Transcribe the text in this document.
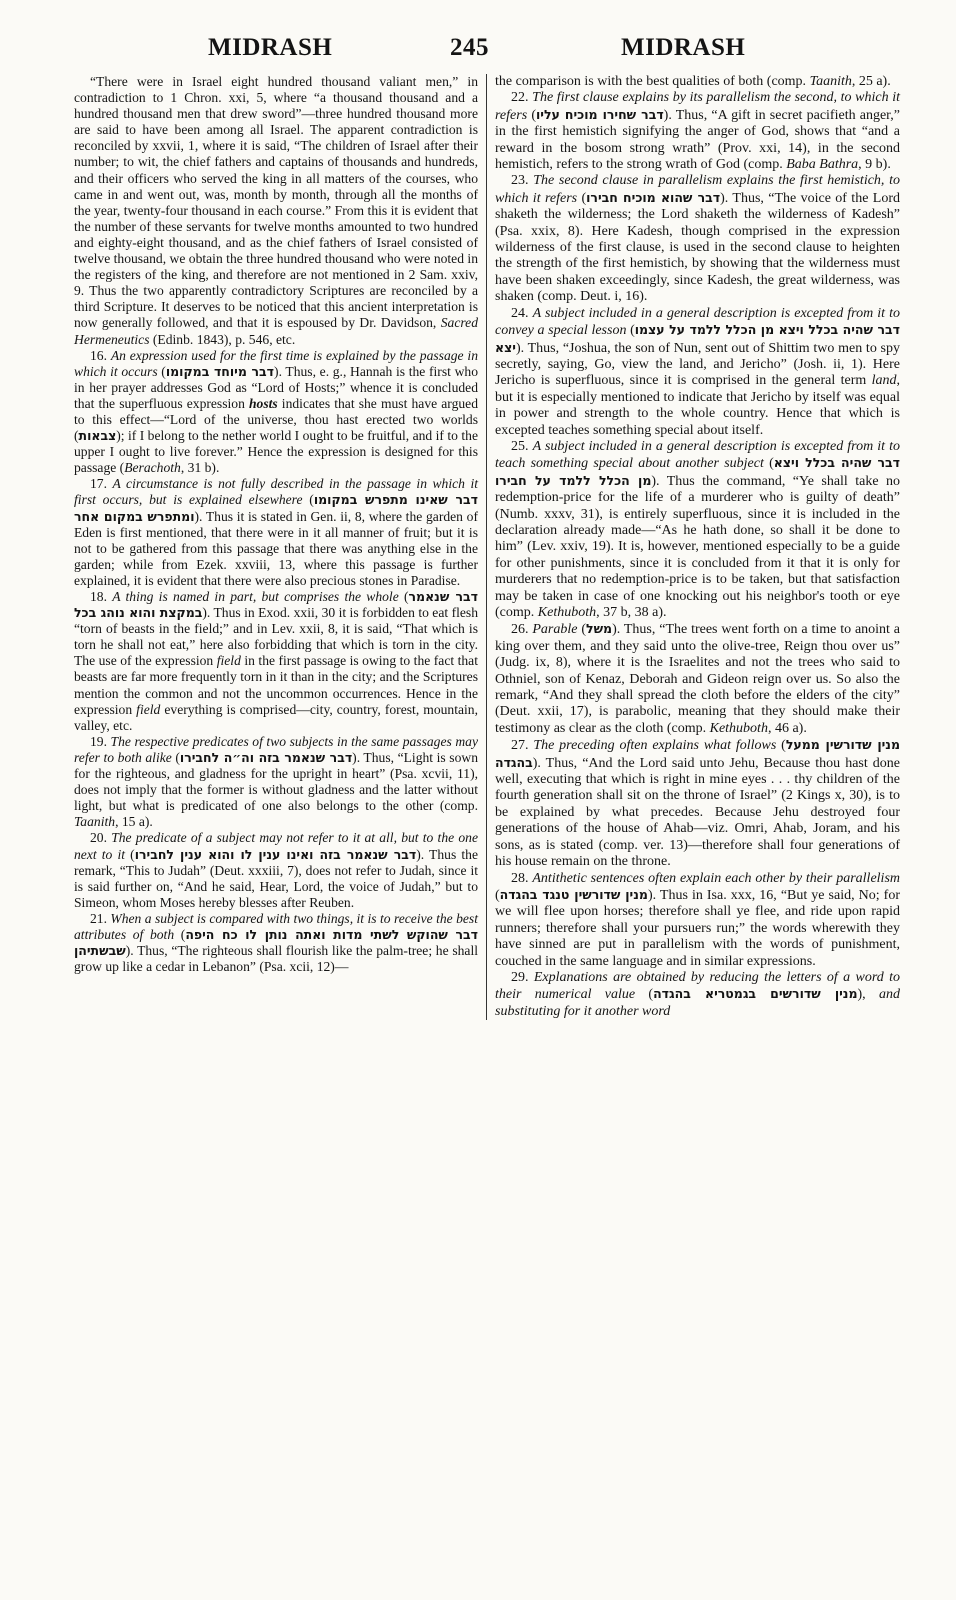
MIDRASH	245	MIDRASH

“There were in Israel eight hundred thousand valiant men,” in contradiction to 1 Chron. xxi, 5, where “a thousand thousand and a hundred thousand men that drew sword”—three hundred thousand more are said to have been among all Israel. The apparent contradiction is reconciled by xxvii, 1, where it is said, “The children of Israel after their number; to wit, the chief fathers and captains of thousands and hundreds, and their officers who served the king in all matters of the courses, who came in and went out, was, month by month, through all the months of the year, twenty-four thousand in each course.” From this it is evident that the number of these servants for twelve months amounted to two hundred and eighty-eight thousand, and as the chief fathers of Israel consisted of twelve thousand, we obtain the three hundred thousand who were noted in the registers of the king, and therefore are not mentioned in 2 Sam. xxiv, 9. Thus the two apparently contradictory Scriptures are reconciled by a third Scripture. It deserves to be noticed that this ancient interpretation is now generally followed, and that it is espoused by Dr. Davidson, Sacred Hermeneutics (Edinb. 1843), p. 546, etc.

16. An expression used for the first time is explained by the passage in which it occurs (דבר מיוחד במקומו). Thus, e. g., Hannah is the first who in her prayer addresses God as “Lord of Hosts;” whence it is concluded that the superfluous expression hosts indicates that she must have argued to this effect—“Lord of the universe, thou hast erected two worlds (צבאות); if I belong to the nether world I ought to be fruitful, and if to the upper I ought to live forever.” Hence the expression is designed for this passage (Berachoth, 31 b).

17. A circumstance is not fully described in the passage in which it first occurs, but is explained elsewhere (דבר שאינו מתפרש במקומו ומתפרש במקום אחר). Thus it is stated in Gen. ii, 8, where the garden of Eden is first mentioned, that there were in it all manner of fruit; but it is not to be gathered from this passage that there was anything else in the garden; while from Ezek. xxviii, 13, where this passage is further explained, it is evident that there were also precious stones in Paradise.

18. A thing is named in part, but comprises the whole (דבר שנאמר במקצת והוא נוהג בכל). Thus in Exod. xxii, 30 it is forbidden to eat flesh “torn of beasts in the field;” and in Lev. xxii, 8, it is said, “That which is torn he shall not eat,” here also forbidding that which is torn in the city. The use of the expression field in the first passage is owing to the fact that beasts are far more frequently torn in it than in the city; and the Scriptures mention the common and not the uncommon occurrences. Hence in the expression field everything is comprised—city, country, forest, mountain, valley, etc.

19. The respective predicates of two subjects in the same passages may refer to both alike (דבר שנאמר בזה וה״ה לחבירו). Thus, “Light is sown for the righteous, and gladness for the upright in heart” (Psa. xcvii, 11), does not imply that the former is without gladness and the latter without light, but what is predicated of one also belongs to the other (comp. Taanith, 15 a).

20. The predicate of a subject may not refer to it at all, but to the one next to it (דבר שנאמר בזה ואינו ענין לו והוא ענין לחבירו). Thus the remark, “This to Judah” (Deut. xxxiii, 7), does not refer to Judah, since it is said further on, “And he said, Hear, Lord, the voice of Judah,” but to Simeon, whom Moses hereby blesses after Reuben.

21. When a subject is compared with two things, it is to receive the best attributes of both (דבר שהוקש לשתי מדות ואתה נותן לו כח היפה שבשתיהן). Thus, “The righteous shall flourish like the palm-tree; he shall grow up like a cedar in Lebanon” (Psa. xcii, 12)—

the comparison is with the best qualities of both (comp. Taanith, 25 a).

22. The first clause explains by its parallelism the second, to which it refers (דבר שחירו מוכיח עליו). Thus, “A gift in secret pacifieth anger,” in the first hemistich signifying the anger of God, shows that “and a reward in the bosom strong wrath” (Prov. xxi, 14), in the second hemistich, refers to the strong wrath of God (comp. Baba Bathra, 9 b).

23. The second clause in parallelism explains the first hemistich, to which it refers (דבר שהוא מוכיח חבירו). Thus, “The voice of the Lord shaketh the wilderness; the Lord shaketh the wilderness of Kadesh” (Psa. xxix, 8). Here Kadesh, though comprised in the expression wilderness of the first clause, is used in the second clause to heighten the strength of the first hemistich, by showing that the wilderness must have been shaken exceedingly, since Kadesh, the great wilderness, was shaken (comp. Deut. i, 16).

24. A subject included in a general description is excepted from it to convey a special lesson (דבר שהיה בכלל ויצא מן הכלל ללמד על עצמו יצא). Thus, “Joshua, the son of Nun, sent out of Shittim two men to spy secretly, saying, Go, view the land, and Jericho” (Josh. ii, 1). Here Jericho is superfluous, since it is comprised in the general term land, but it is especially mentioned to indicate that Jericho by itself was equal in power and strength to the whole country. Hence that which is excepted teaches something special about itself.

25. A subject included in a general description is excepted from it to teach something special about another subject (דבר שהיה בכלל ויצא מן הכלל ללמד על חבירו). Thus the command, “Ye shall take no redemption-price for the life of a murderer who is guilty of death” (Numb. xxxv, 31), is entirely superfluous, since it is included in the declaration already made—“As he hath done, so shall it be done to him” (Lev. xxiv, 19). It is, however, mentioned especially to be a guide for other punishments, since it is concluded from it that it is only for murderers that no redemption-price is to be taken, but that satisfaction may be taken in case of one knocking out his neighbor's tooth or eye (comp. Kethuboth, 37 b, 38 a).

26. Parable (משל). Thus, “The trees went forth on a time to anoint a king over them, and they said unto the olive-tree, Reign thou over us” (Judg. ix, 8), where it is the Israelites and not the trees who said to Othniel, son of Kenaz, Deborah and Gideon reign over us. So also the remark, “And they shall spread the cloth before the elders of the city” (Deut. xxii, 17), is parabolic, meaning that they should make their testimony as clear as the cloth (comp. Kethuboth, 46 a).

27. The preceding often explains what follows (מנין שדורשין ממעל בהגדה). Thus, “And the Lord said unto Jehu, Because thou hast done well, executing that which is right in mine eyes . . . thy children of the fourth generation shall sit on the throne of Israel” (2 Kings x, 30), is to be explained by what precedes. Because Jehu destroyed four generations of the house of Ahab—viz. Omri, Ahab, Joram, and his sons, as is stated (comp. ver. 13)—therefore shall four generations of his house remain on the throne.

28. Antithetic sentences often explain each other by their parallelism (מנין שדורשין טנגד בהגדה). Thus in Isa. xxx, 16, “But ye said, No; for we will flee upon horses; therefore shall ye flee, and ride upon rapid runners; therefore shall your pursuers run;” the words wherewith they have sinned are put in parallelism with the words of punishment, couched in the same language and in similar expressions.

29. Explanations are obtained by reducing the letters of a word to their numerical value (מנין שדורשים בגמטריא בהגדה), and substituting for it another word
